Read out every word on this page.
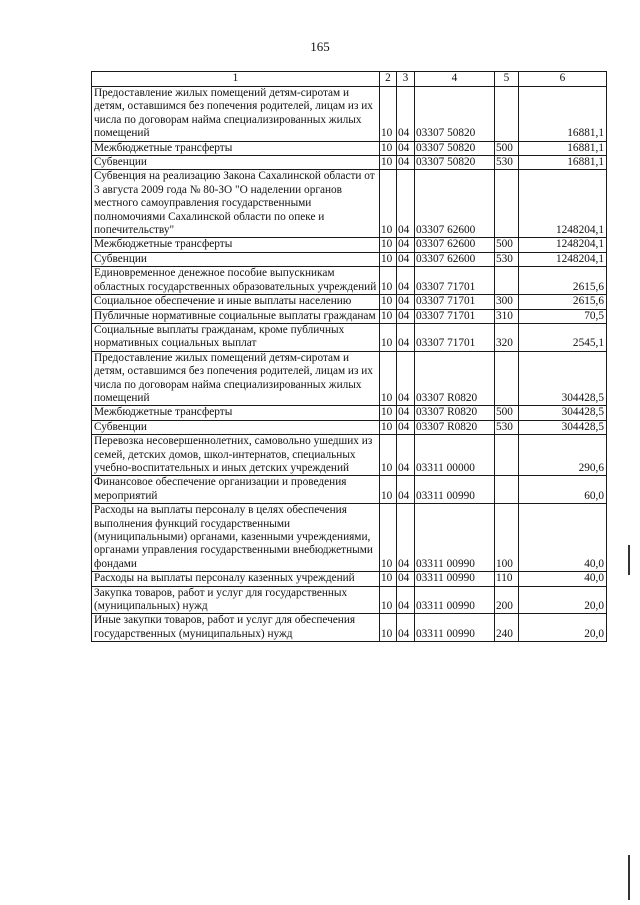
165
1	2	3	4	5	6
Предоставление жилых помещений детям-сиротам и детям, оставшимся без попечения родителей, лицам из их числа по договорам найма специализированных жилых помещений	10	04	03307 50820		16881,1
Межбюджетные трансферты	10	04	03307 50820	500	16881,1
Субвенции	10	04	03307 50820	530	16881,1
Субвенция на реализацию Закона Сахалинской области от 3 августа 2009 года № 80-ЗО "О наделении органов местного самоуправления государственными полномочиями Сахалинской области по опеке и попечительству"	10	04	03307 62600		1248204,1
Межбюджетные трансферты	10	04	03307 62600	500	1248204,1
Субвенции	10	04	03307 62600	530	1248204,1
Единовременное денежное пособие выпускникам областных государственных образовательных учреждений	10	04	03307 71701		2615,6
Социальное обеспечение и иные выплаты населению	10	04	03307 71701	300	2615,6
Публичные нормативные социальные выплаты гражданам	10	04	03307 71701	310	70,5
Социальные выплаты гражданам, кроме публичных нормативных социальных выплат	10	04	03307 71701	320	2545,1
Предоставление жилых помещений детям-сиротам и детям, оставшимся без попечения родителей, лицам из их числа по договорам найма специализированных жилых помещений	10	04	03307 R0820		304428,5
Межбюджетные трансферты	10	04	03307 R0820	500	304428,5
Субвенции	10	04	03307 R0820	530	304428,5
Перевозка несовершеннолетних, самовольно ушедших из семей, детских домов, школ-интернатов, специальных учебно-воспитательных и иных детских учреждений	10	04	03311 00000		290,6
Финансовое обеспечение организации и проведения мероприятий	10	04	03311 00990		60,0
Расходы на выплаты персоналу в целях обеспечения выполнения функций государственными (муниципальными) органами, казенными учреждениями, органами управления государственными внебюджетными фондами	10	04	03311 00990	100	40,0
Расходы на выплаты персоналу казенных учреждений	10	04	03311 00990	110	40,0
Закупка товаров, работ и услуг для государственных (муниципальных) нужд	10	04	03311 00990	200	20,0
Иные закупки товаров, работ и услуг для обеспечения государственных (муниципальных) нужд	10	04	03311 00990	240	20,0
